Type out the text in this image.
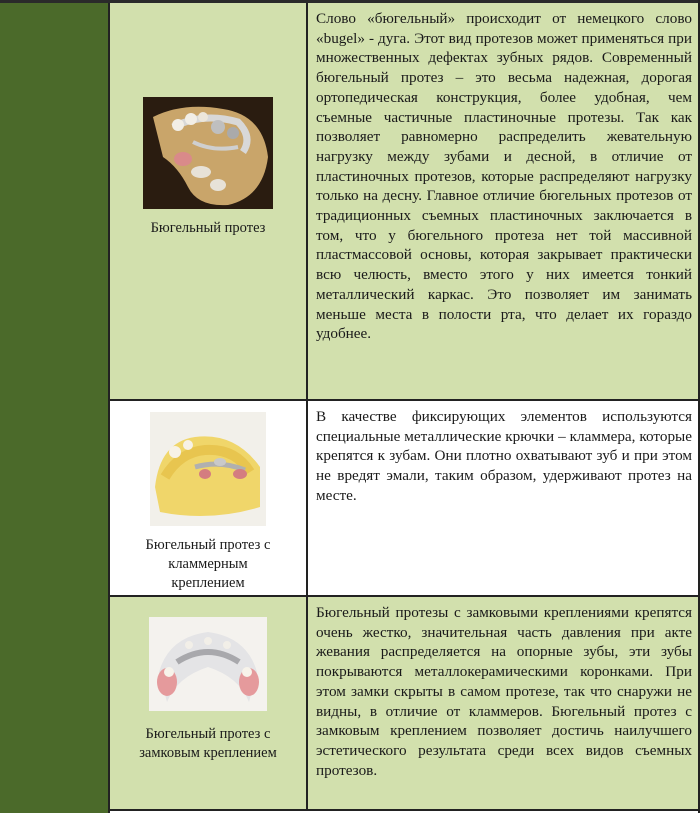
Бюгельный протез
Слово «бюгельный» происходит от немецкого слово «bugel» - дуга. Этот вид протезов может применяться при множественных дефектах зубных рядов. Современный бюгельный протез – это весьма надежная, дорогая ортопедическая конструкция, более удобная, чем съемные частичные пластиночные протезы. Так как позволяет равномерно распределить жевательную нагрузку между зубами и десной, в отличие от пластиночных протезов, которые распределяют нагрузку только на десну. Главное отличие бюгельных протезов от традиционных съемных пластиночных заключается в том, что у бюгельного протеза нет той массивной пластмассовой основы, которая закрывает практически всю челюсть, вместо этого у них имеется тонкий металлический каркас. Это позволяет им занимать меньше места в полости рта, что делает их гораздо удобнее.
Бюгельный протез с
кламмерным
креплением
В качестве фиксирующих элементов используются специальные металлические крючки – кламмера, которые крепятся к зубам. Они плотно охватывают зуб и при этом не вредят эмали, таким образом, удерживают протез на месте.
Бюгельный протез с
замковым креплением
Бюгельный протезы с замковыми креплениями крепятся очень жестко, значительная часть давления при акте жевания распределяется на опорные зубы, эти зубы покрываются металлокерамическими коронками. При этом замки скрыты в самом протезе, так что снаружи не видны, в отличие от кламмеров. Бюгельный протез с замковым креплением позволяет достичь наилучшего эстетического результата среди всех видов съемных протезов.
